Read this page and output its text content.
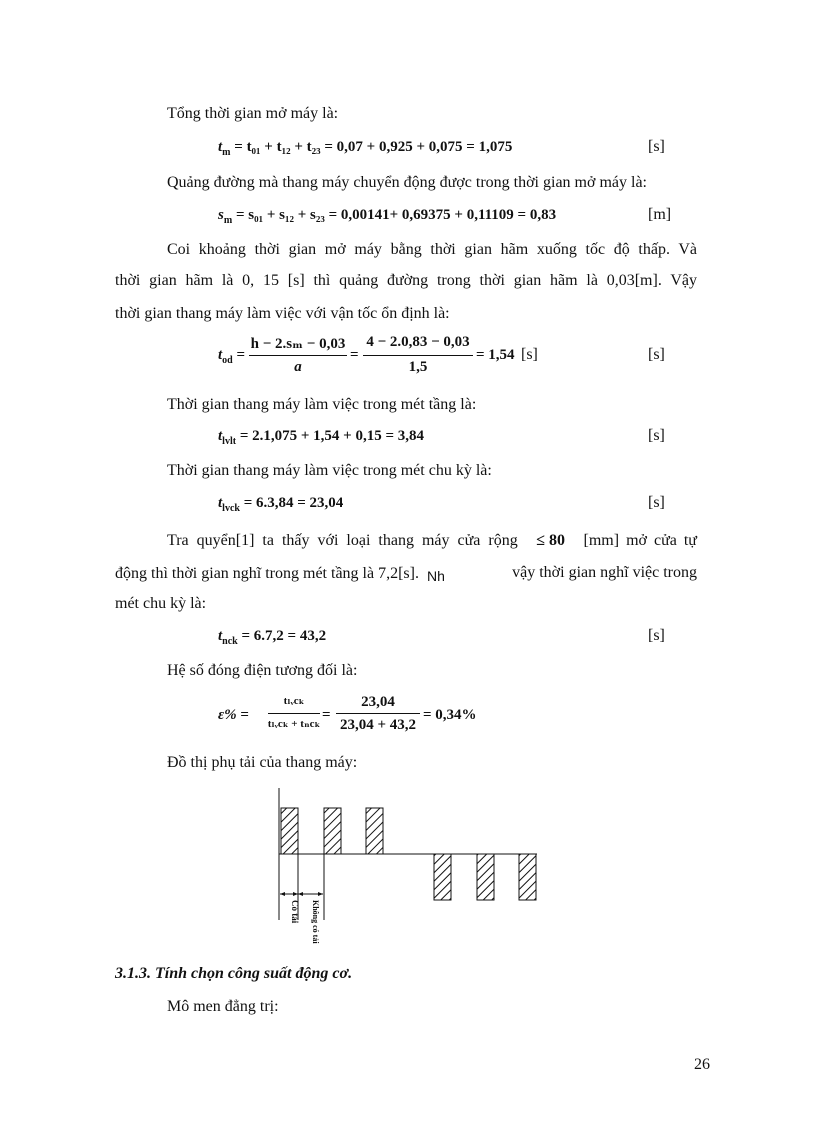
Tổng thời gian mở máy là:
$t_m = t_{01} + t_{12} + t_{23} = 0,07 + 0,925 + 0,075 = 1,075$	[s]
Quảng đường mà thang máy chuyển động được trong thời gian mở máy là:
$s_m = s_{01} + s_{12} + s_{23} = 0,00141+ 0,69375 + 0,11109 = 0,83$	[m]
Coi khoảng thời gian mở máy bằng thời gian hãm xuống tốc độ thấp. Và
thời gian hãm là 0, 15 [s] thì quảng đường trong thời gian hãm là 0,03[m]. Vậy
thời gian thang máy làm việc với vận tốc ổn định là:
$t_{od}$ =
h − 2.sₘ − 0,03
a
=
4 − 2.0,83 − 0,03
1,5
= 1,54 [s]	[s]
Thời gian thang máy làm việc trong mét tầng là:
$t_{lvlt} = 2.1,075 + 1,54 + 0,15 = 3,84$	[s]
Thời gian thang máy làm việc trong mét chu kỳ là:
$t_{lvck} = 6.3,84 = 23,04$	[s]
Tra quyển[1] ta thấy với loại thang máy cửa rộng ≤ 80 [mm] mở cửa tự
động thì thời gian nghĩ trong mét tầng là 7,2[s]. Nh	vậy thời gian nghĩ việc trong
mét chu kỳ là:
$t_{nck} = 6.7,2 = 43,2$	[s]
Hệ số đóng điện tương đối là:
ε% =
tₗᵥcₖ
tₗᵥcₖ + tₙcₖ
=
23,04
23,04 + 43,2
= 0,34%
Đồ thị phụ tải của thang máy:
Có tải Không có tải
3.1.3. Tính chọn công suất động cơ.
Mô men đẳng trị:
26
